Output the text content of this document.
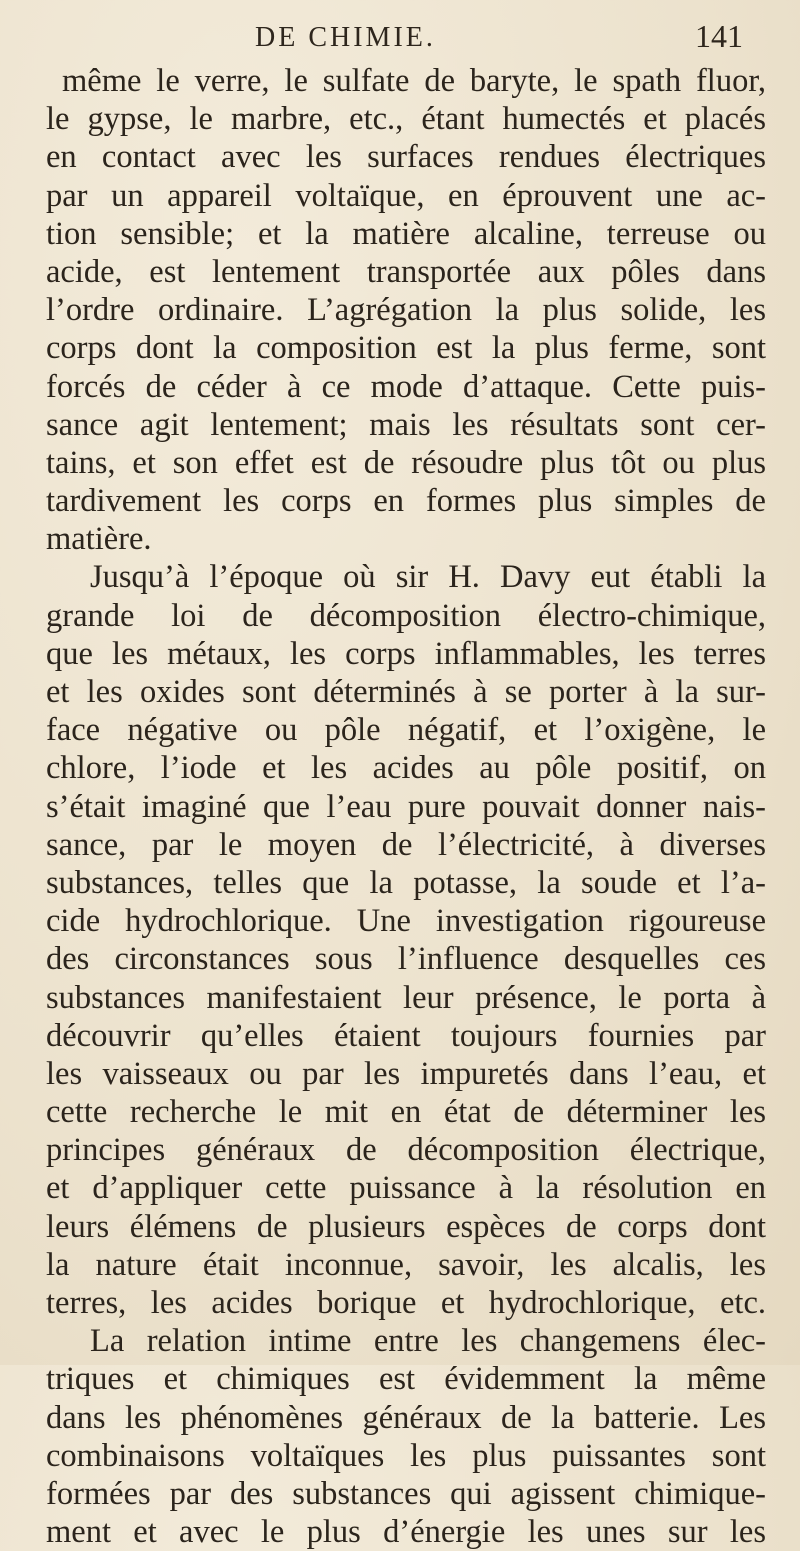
DE CHIMIE.	141
même le verre, le sulfate de baryte, le spath fluor,
le gypse, le marbre, etc., étant humectés et placés
en contact avec les surfaces rendues électriques
par un appareil voltaïque, en éprouvent une ac-
tion sensible; et la matière alcaline, terreuse ou
acide, est lentement transportée aux pôles dans
l’ordre ordinaire. L’agrégation la plus solide, les
corps dont la composition est la plus ferme, sont
forcés de céder à ce mode d’attaque. Cette puis-
sance agit lentement; mais les résultats sont cer-
tains, et son effet est de résoudre plus tôt ou plus
tardivement les corps en formes plus simples de
matière.
Jusqu’à l’époque où sir H. Davy eut établi la
grande loi de décomposition électro-chimique,
que les métaux, les corps inflammables, les terres
et les oxides sont déterminés à se porter à la sur-
face négative ou pôle négatif, et l’oxigène, le
chlore, l’iode et les acides au pôle positif, on
s’était imaginé que l’eau pure pouvait donner nais-
sance, par le moyen de l’électricité, à diverses
substances, telles que la potasse, la soude et l’a-
cide hydrochlorique. Une investigation rigoureuse
des circonstances sous l’influence desquelles ces
substances manifestaient leur présence, le porta à
découvrir qu’elles étaient toujours fournies par
les vaisseaux ou par les impuretés dans l’eau, et
cette recherche le mit en état de déterminer les
principes généraux de décomposition électrique,
et d’appliquer cette puissance à la résolution en
leurs élémens de plusieurs espèces de corps dont
la nature était inconnue, savoir, les alcalis, les
terres, les acides borique et hydrochlorique, etc.
La relation intime entre les changemens élec-
triques et chimiques est évidemment la même
dans les phénomènes généraux de la batterie. Les
combinaisons voltaïques les plus puissantes sont
formées par des substances qui agissent chimique-
ment et avec le plus d’énergie les unes sur les
